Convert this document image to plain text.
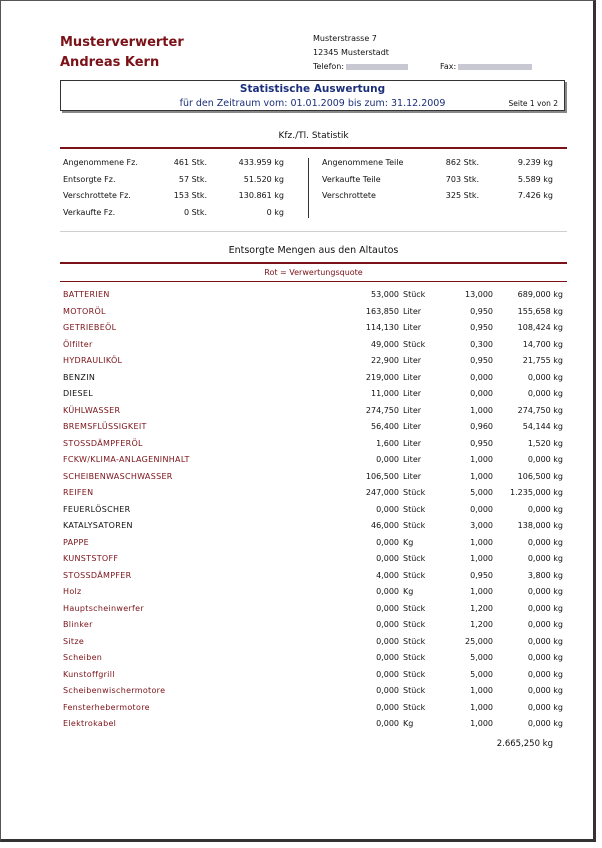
Musterverwerter
Andreas Kern
Musterstrasse 7
12345 Musterstadt
Telefon:	Fax:
Statistische Auswertung
für den Zeitraum vom: 01.01.2009 bis zum: 31.12.2009	Seite 1 von 2
Kfz./Tl. Statistik
Angenommene Fz.	461 Stk.	433.959 kg
Entsorgte Fz.	57 Stk.	51.520 kg
Verschrottete Fz.	153 Stk.	130.861 kg
Verkaufte Fz.	0 Stk.	0 kg
Angenommene Teile	862 Stk.	9.239 kg
Verkaufte Teile	703 Stk.	5.589 kg
Verschrottete	325 Stk.	7.426 kg
Entsorgte Mengen aus den Altautos
Rot = Verwertungsquote
BATTERIEN	53,000 Stück	13,000	689,000 kg
MOTORÖL	163,850 Liter	0,950	155,658 kg
GETRIEBEÖL	114,130 Liter	0,950	108,424 kg
Ölfilter	49,000 Stück	0,300	14,700 kg
HYDRAULIKÖL	22,900 Liter	0,950	21,755 kg
BENZIN	219,000 Liter	0,000	0,000 kg
DIESEL	11,000 Liter	0,000	0,000 kg
KÜHLWASSER	274,750 Liter	1,000	274,750 kg
BREMSFLÜSSIGKEIT	56,400 Liter	0,960	54,144 kg
STOSSDÄMPFERÖL	1,600 Liter	0,950	1,520 kg
FCKW/KLIMA-ANLAGENINHALT	0,000 Liter	1,000	0,000 kg
SCHEIBENWASCHWASSER	106,500 Liter	1,000	106,500 kg
REIFEN	247,000 Stück	5,000 1.235,000 kg
FEUERLÖSCHER	0,000 Stück	0,000	0,000 kg
KATALYSATOREN	46,000 Stück	3,000	138,000 kg
PAPPE	0,000 Kg	1,000	0,000 kg
KUNSTSTOFF	0,000 Stück	1,000	0,000 kg
STOSSDÄMPFER	4,000 Stück	0,950	3,800 kg
Holz	0,000 Kg	1,000	0,000 kg
Hauptscheinwerfer	0,000 Stück	1,200	0,000 kg
Blinker	0,000 Stück	1,200	0,000 kg
Sitze	0,000 Stück	25,000	0,000 kg
Scheiben	0,000 Stück	5,000	0,000 kg
Kunstoffgrill	0,000 Stück	5,000	0,000 kg
Scheibenwischermotore	0,000 Stück	1,000	0,000 kg
Fensterhebermotore	0,000 Stück	1,000	0,000 kg
Elektrokabel	0,000 Kg	1,000	0,000 kg
2.665,250 kg
